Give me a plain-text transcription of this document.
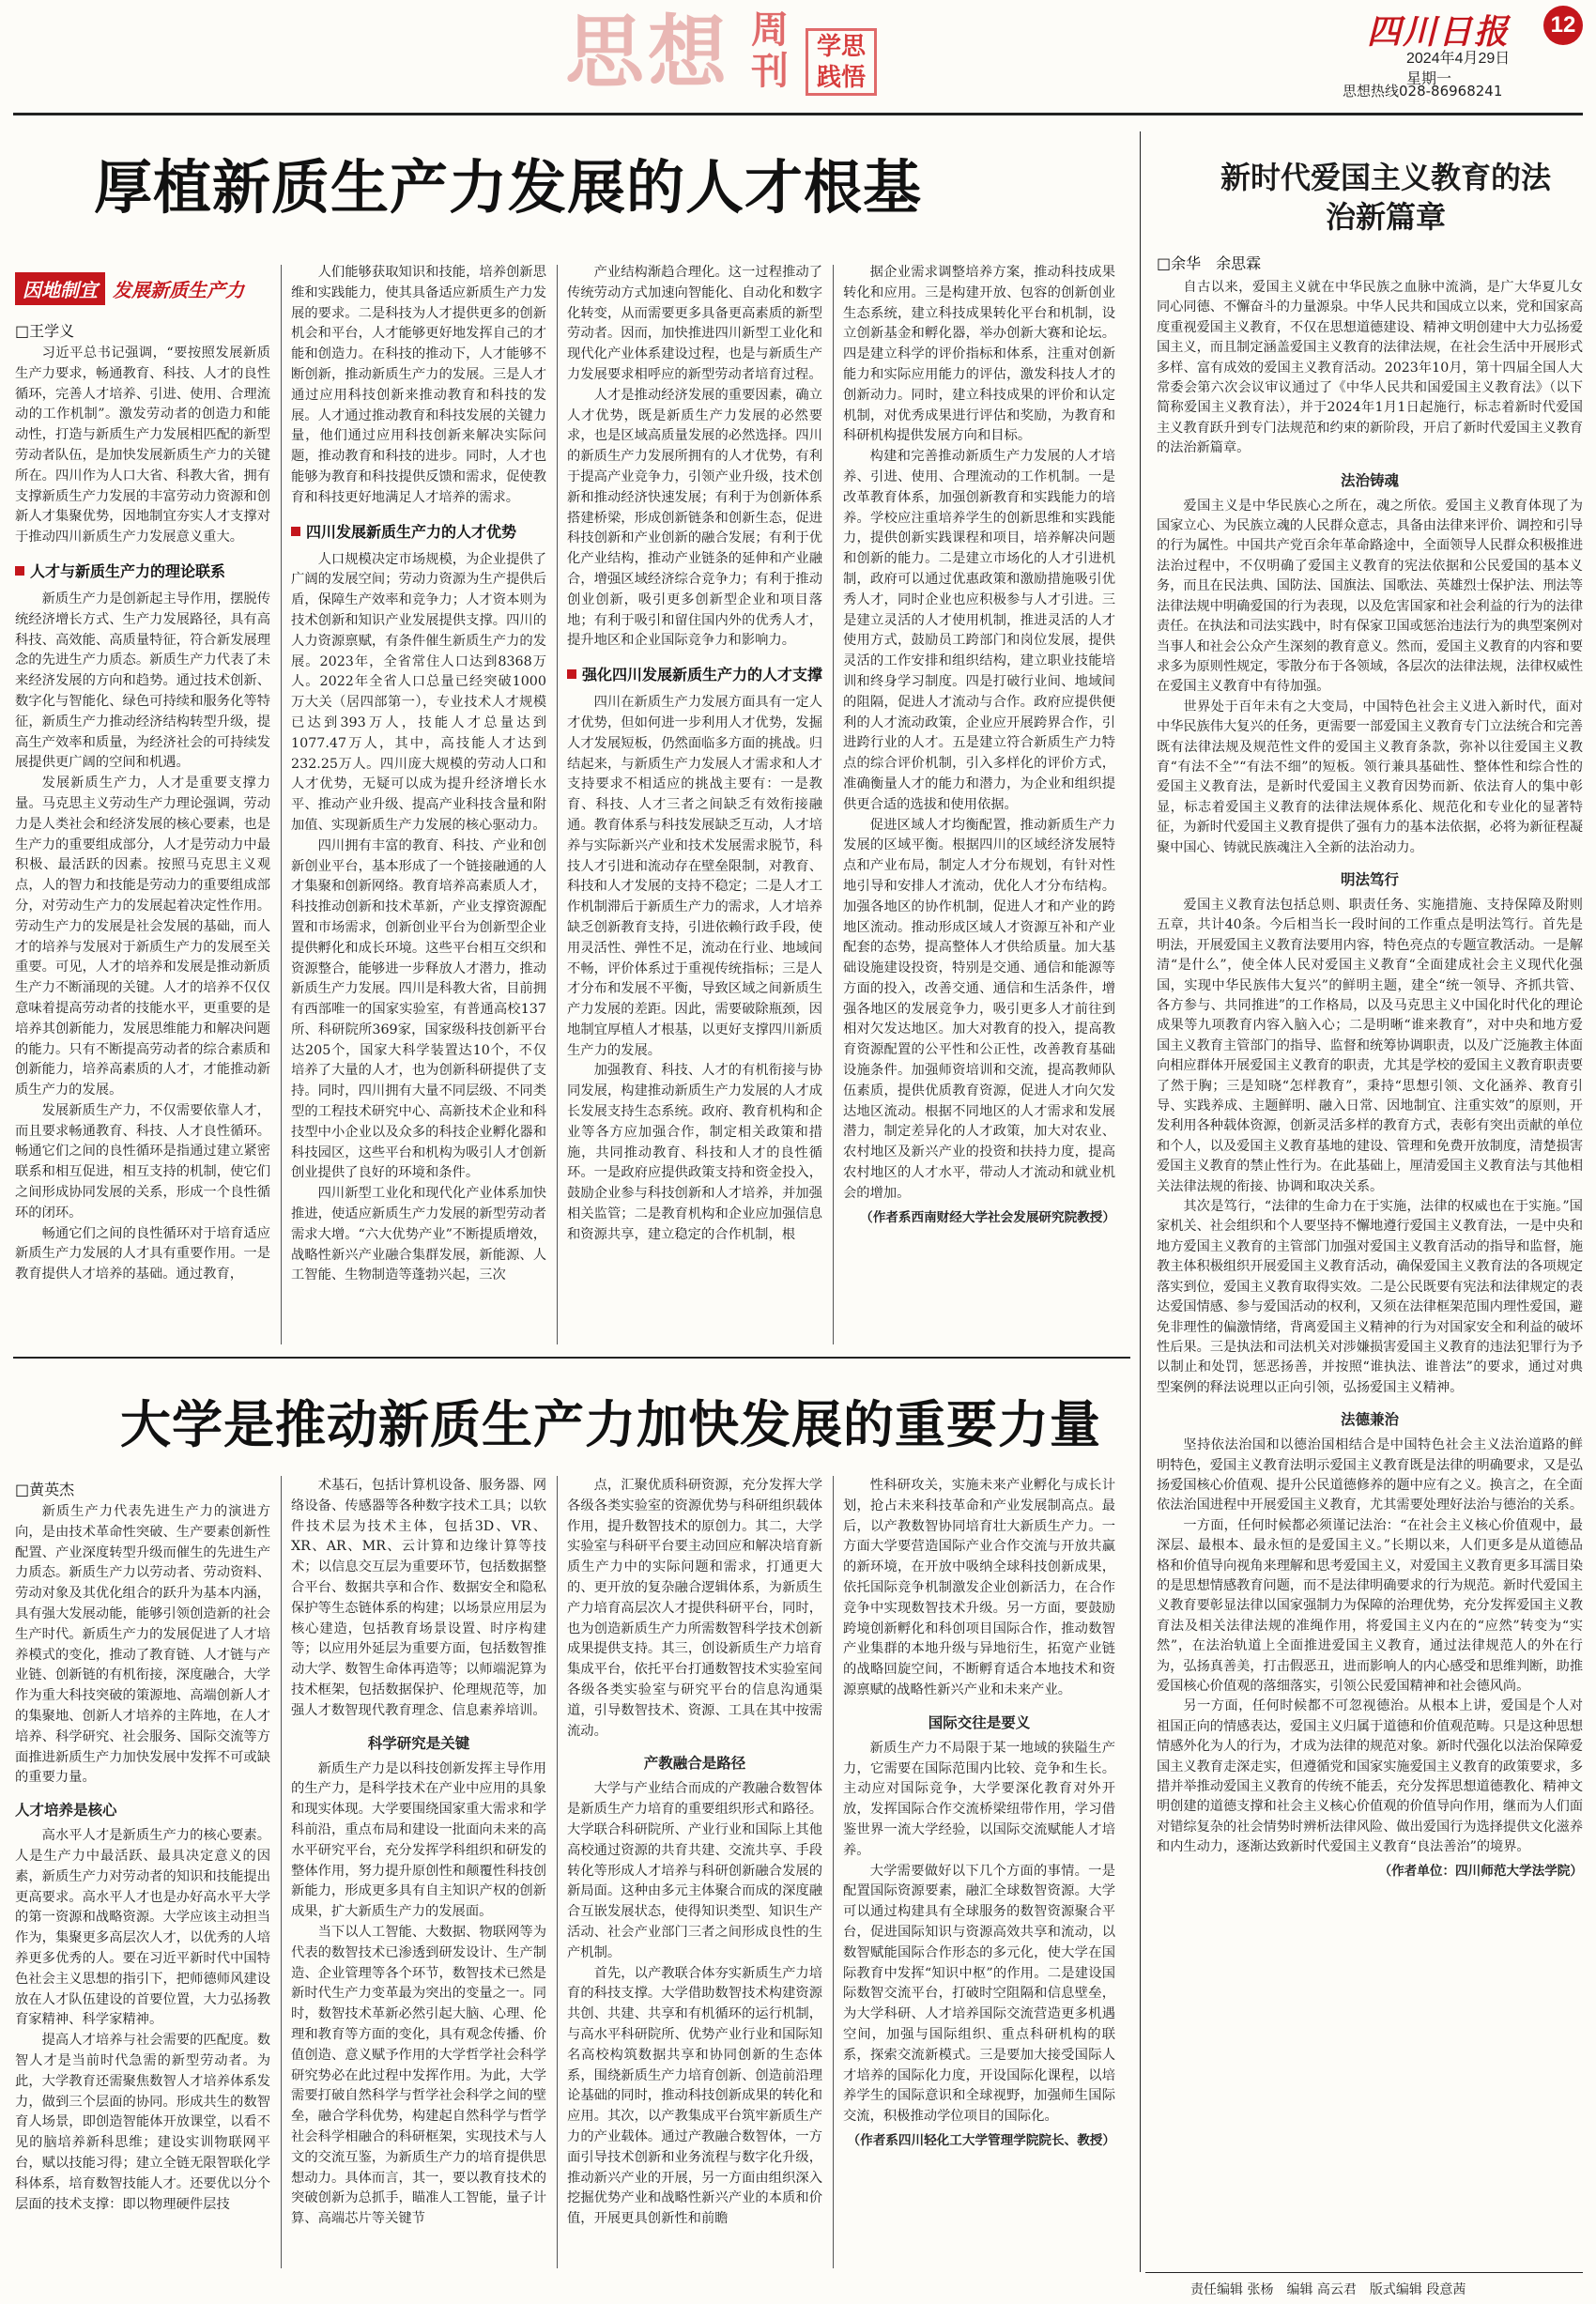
思想 周刊
学思践悟
四川日报	12
2024年4月29日
星期一
思想热线028-86968241
厚植新质生产力发展的人才根基
因地制宜 发展新质生产力
□王学义

习近平总书记强调，“要按照发展新质生产力要求，畅通教育、科技、人才的良性循环，完善人才培养、引进、使用、合理流动的工作机制”。激发劳动者的创造力和能动性，打造与新质生产力发展相匹配的新型劳动者队伍，是加快发展新质生产力的关键所在。四川作为人口大省、科教大省，拥有支撑新质生产力发展的丰富劳动力资源和创新人才集聚优势，因地制宜夯实人才支撑对于推动四川新质生产力发展意义重大。

人才与新质生产力的理论联系

新质生产力是创新起主导作用，摆脱传统经济增长方式、生产力发展路径，具有高科技、高效能、高质量特征，符合新发展理念的先进生产力质态。新质生产力代表了未来经济发展的方向和趋势。通过技术创新、数字化与智能化、绿色可持续和服务化等特征，新质生产力推动经济结构转型升级，提高生产效率和质量，为经济社会的可持续发展提供更广阔的空间和机遇。

发展新质生产力，人才是重要支撑力量。马克思主义劳动生产力理论强调，劳动力是人类社会和经济发展的核心要素，也是生产力的重要组成部分，人才是劳动力中最积极、最活跃的因素。按照马克思主义观点，人的智力和技能是劳动力的重要组成部分，对劳动生产力的发展起着决定性作用。劳动生产力的发展是社会发展的基础，而人才的培养与发展对于新质生产力的发展至关重要。可见，人才的培养和发展是推动新质生产力不断涌现的关键。人才的培养不仅仅意味着提高劳动者的技能水平，更重要的是培养其创新能力，发展思维能力和解决问题的能力。只有不断提高劳动者的综合素质和创新能力，培养高素质的人才，才能推动新质生产力的发展。

发展新质生产力，不仅需要依靠人才，而且要求畅通教育、科技、人才良性循环。畅通它们之间的良性循环是指通过建立紧密联系和相互促进，相互支持的机制，使它们之间形成协同发展的关系，形成一个良性循环的闭环。

畅通它们之间的良性循环对于培育适应新质生产力发展的人才具有重要作用。一是教育提供人才培养的基础。通过教育，

人们能够获取知识和技能，培养创新思维和实践能力，使其具备适应新质生产力发展的要求。二是科技为人才提供更多的创新机会和平台，人才能够更好地发挥自己的才能和创造力。在科技的推动下，人才能够不断创新，推动新质生产力的发展。三是人才通过应用科技创新来推动教育和科技的发展。人才通过推动教育和科技发展的关键力量，他们通过应用科技创新来解决实际问题，推动教育和科技的进步。同时，人才也能够为教育和科技提供反馈和需求，促使教育和科技更好地满足人才培养的需求。

四川发展新质生产力的人才优势

人口规模决定市场规模，为企业提供了广阔的发展空间；劳动力资源为生产提供后盾，保障生产效率和竞争力；人才资本则为技术创新和知识产业发展提供支撑。四川的人力资源禀赋，有条件催生新质生产力的发展。2023年，全省常住人口达到8368万人。2022年全省人口总量已经突破1000万大关（居四部第一），专业技术人才规模已达到393万人，技能人才总量达到1077.47万人，其中，高技能人才达到232.25万人。四川庞大规模的劳动人口和人才优势，无疑可以成为提升经济增长水平、推动产业升级、提高产业科技含量和附加值、实现新质生产力发展的核心驱动力。

四川拥有丰富的教育、科技、产业和创新创业平台，基本形成了一个链接融通的人才集聚和创新网络。教育培养高素质人才，科技推动创新和技术革新，产业支撑资源配置和市场需求，创新创业平台为创新型企业提供孵化和成长环境。这些平台相互交织和资源整合，能够进一步释放人才潜力，推动新质生产力发展。四川是科教大省，目前拥有西部唯一的国家实验室，有普通高校137所、科研院所369家，国家级科技创新平台达205个，国家大科学装置达10个，不仅培养了大量的人才，也为创新科研提供了支持。同时，四川拥有大量不同层级、不同类型的工程技术研究中心、高新技术企业和科技型中小企业以及众多的科技企业孵化器和科技园区，这些平台和机构为吸引人才创新创业提供了良好的环境和条件。

四川新型工业化和现代化产业体系加快推进，使适应新质生产力发展的新型劳动者需求大增。“六大优势产业”不断提质增效，战略性新兴产业融合集群发展，新能源、人工智能、生物制造等蓬勃兴起，三次

产业结构渐趋合理化。这一过程推动了传统劳动方式加速向智能化、自动化和数字化转变，从而需要更多具备更高素质的新型劳动者。因而，加快推进四川新型工业化和现代化产业体系建设过程，也是与新质生产力发展要求相呼应的新型劳动者培育过程。

人才是推动经济发展的重要因素，确立人才优势，既是新质生产力发展的必然要求，也是区域高质量发展的必然选择。四川的新质生产力发展所拥有的人才优势，有利于提高产业竞争力，引领产业升级，技术创新和推动经济快速发展；有利于为创新体系搭建桥梁，形成创新链条和创新生态，促进科技创新和产业创新的融合发展；有利于优化产业结构，推动产业链条的延伸和产业融合，增强区域经济综合竞争力；有利于推动创业创新，吸引更多创新型企业和项目落地；有利于吸引和留住国内外的优秀人才，提升地区和企业国际竞争力和影响力。

强化四川发展新质生产力的人才支撑

四川在新质生产力发展方面具有一定人才优势，但如何进一步利用人才优势，发掘人才发展短板，仍然面临多方面的挑战。归结起来，与新质生产力发展人才需求和人才支持要求不相适应的挑战主要有：一是教育、科技、人才三者之间缺乏有效衔接融通。教育体系与科技发展缺乏互动，人才培养与实际新兴产业和技术发展需求脱节，科技人才引进和流动存在壁垒限制，对教育、科技和人才发展的支持不稳定；二是人才工作机制滞后于新质生产力的需求，人才培养缺乏创新教育支持，引进依赖行政手段，使用灵活性、弹性不足，流动在行业、地域间不畅，评价体系过于重视传统指标；三是人才分布和发展不平衡，导致区域之间新质生产力发展的差距。因此，需要破除瓶颈，因地制宜厚植人才根基，以更好支撑四川新质生产力的发展。

加强教育、科技、人才的有机衔接与协同发展，构建推动新质生产力发展的人才成长发展支持生态系统。政府、教育机构和企业等各方应加强合作，制定相关政策和措施，共同推动教育、科技和人才的良性循环。一是政府应提供政策支持和资金投入，鼓励企业参与科技创新和人才培养，并加强相关监管；二是教育机构和企业应加强信息和资源共享，建立稳定的合作机制，根

据企业需求调整培养方案，推动科技成果转化和应用。三是构建开放、包容的创新创业生态系统，建立科技成果转化平台和机制，设立创新基金和孵化器，举办创新大赛和论坛。四是建立科学的评价指标和体系，注重对创新能力和实际应用能力的评估，激发科技人才的创新动力。同时，建立科技成果的评价和认定机制，对优秀成果进行评估和奖励，为教育和科研机构提供发展方向和目标。

构建和完善推动新质生产力发展的人才培养、引进、使用、合理流动的工作机制。一是改革教育体系，加强创新教育和实践能力的培养。学校应注重培养学生的创新思维和实践能力，提供创新实践课程和项目，培养解决问题和创新的能力。二是建立市场化的人才引进机制，政府可以通过优惠政策和激励措施吸引优秀人才，同时企业也应积极参与人才引进。三是建立灵活的人才使用机制，推进灵活的人才使用方式，鼓励员工跨部门和岗位发展，提供灵活的工作安排和组织结构，建立职业技能培训和终身学习制度。四是打破行业间、地域间的阻隔，促进人才流动与合作。政府应提供便利的人才流动政策，企业应开展跨界合作，引进跨行业的人才。五是建立符合新质生产力特点的综合评价机制，引入多样化的评价方式，准确衡量人才的能力和潜力，为企业和组织提供更合适的选拔和使用依据。

促进区域人才均衡配置，推动新质生产力发展的区域平衡。根据四川的区域经济发展特点和产业布局，制定人才分布规划，有针对性地引导和安排人才流动，优化人才分布结构。加强各地区的协作机制，促进人才和产业的跨地区流动。推动形成区域人才资源互补和产业配套的态势，提高整体人才供给质量。加大基础设施建设投资，特别是交通、通信和能源等方面的投入，改善交通、通信和生活条件，增强各地区的发展竞争力，吸引更多人才前往到相对欠发达地区。加大对教育的投入，提高教育资源配置的公平性和公正性，改善教育基础设施条件。加强师资培训和交流，提高教师队伍素质，提供优质教育资源，促进人才向欠发达地区流动。根据不同地区的人才需求和发展潜力，制定差异化的人才政策，加大对农业、农村地区及新兴产业的投资和扶持力度，提高农村地区的人才水平，带动人才流动和就业机会的增加。

（作者系西南财经大学社会发展研究院教授）

大学是推动新质生产力加快发展的重要力量
□黄英杰

新质生产力代表先进生产力的演进方向，是由技术革命性突破、生产要素创新性配置、产业深度转型升级而催生的先进生产力质态。新质生产力以劳动者、劳动资料、劳动对象及其优化组合的跃升为基本内涵，具有强大发展动能，能够引领创造新的社会生产时代。新质生产力的发展促进了人才培养模式的变化，推动了教育链、人才链与产业链、创新链的有机衔接，深度融合，大学作为重大科技突破的策源地、高端创新人才的集聚地、创新人才培养的主阵地，在人才培养、科学研究、社会服务、国际交流等方面推进新质生产力加快发展中发挥不可或缺的重要力量。

人才培养是核心

高水平人才是新质生产力的核心要素。人是生产力中最活跃、最具决定意义的因素，新质生产力对劳动者的知识和技能提出更高要求。高水平人才也是办好高水平大学的第一资源和战略资源。大学应该主动担当作为，集聚更多高层次人才，以优秀的人培养更多优秀的人。要在习近平新时代中国特色社会主义思想的指引下，把师德师风建设放在人才队伍建设的首要位置，大力弘扬教育家精神、科学家精神。

提高人才培养与社会需要的匹配度。数智人才是当前时代急需的新型劳动者。为此，大学教育还需聚焦数智人才培养体系发力，做到三个层面的协同。形成共生的数智育人场景，即创造智能体开放课堂，以看不见的脑培养新科思维；建设实训物联网平台，赋以技能习得；建立全链无限智联化学科体系，培育数智技能人才。还要优以分个层面的技术支撑：即以物理硬件层技

术基石，包括计算机设备、服务器、网络设备、传感器等各种数字技术工具；以软件技术层为技术主体，包括3D、VR、XR、AR、MR、云计算和边缘计算等技术；以信息交互层为重要环节，包括数据整合平台、数据共享和合作、数据安全和隐私保护等生态链体系的构建；以场景应用层为核心建造，包括教育场景设置、时序构建等；以应用外延层为重要方面，包括数智推动大学、数智生命体再造等；以师端泥算为技术框架，包括数据保护、伦理规范等，加强人才数智现代教育理念、信息素养培训。

科学研究是关键

新质生产力是以科技创新发挥主导作用的生产力，是科学技术在产业中应用的具象和现实体现。大学要围绕国家重大需求和学科前沿，重点布局和建设一批面向未来的高水平研究平台，充分发挥学科组织和研发的整体作用，努力提升原创性和颠覆性科技创新能力，形成更多具有自主知识产权的创新成果，扩大新质生产力的发展面。

当下以人工智能、大数据、物联网等为代表的数智技术已渗透到研发设计、生产制造、企业管理等各个环节，数智技术已然是新时代生产力变革最为突出的变量之一。同时，数智技术革新必然引起大脑、心理、伦理和教育等方面的变化，具有观念传播、价值创造、意义赋予作用的大学哲学社会科学研究势必在此过程中发挥作用。为此，大学需要打破自然科学与哲学社会科学之间的壁垒，融合学科优势，构建起自然科学与哲学社会科学相融合的科研框架，实现技术与人文的交流互鉴，为新质生产力的培育提供思想动力。具体而言，其一，要以教育技术的突破创新为总抓手，瞄准人工智能，量子计算、高端芯片等关键节

点，汇聚优质科研资源，充分发挥大学各级各类实验室的资源优势与科研组织载体作用，提升数智技术的原创力。其二，大学实验室与科研平台要主动回应和解决培育新质生产力中的实际问题和需求，打通更大的、更开放的复杂融合逻辑体系，为新质生产力培育高层次人才提供科研平台，同时，也为创造新质生产力所需数智科学技术创新成果提供支持。其三，创设新质生产力培育集成平台，依托平台打通数智技术实验室间各级各类实验室与研究平台的信息沟通渠道，引导数智技术、资源、工具在其中按需流动。

产教融合是路径

大学与产业结合而成的产教融合数智体是新质生产力培育的重要组织形式和路径。大学联合科研院所、产业行业和国际上其他高校通过资源的共育共建、交流共享、手段转化等形成人才培养与科研创新融合发展的新局面。这种由多元主体聚合而成的深度融合互嵌发展状态，使得知识类型、知识生产活动、社会产业部门三者之间形成良性的生产机制。

首先，以产教联合体夯实新质生产力培育的科技支撑。大学借助数智技术构建资源共创、共建、共享和有机循环的运行机制，与高水平科研院所、优势产业行业和国际知名高校构筑数据共享和协同创新的生态体系，围绕新质生产力培育创新、创造前沿理论基础的同时，推动科技创新成果的转化和应用。其次，以产教集成平台筑牢新质生产力的产业载体。通过产教融合数智体，一方面引导技术创新和业务流程与数字化升级，推动新兴产业的开展，另一方面由组织深入挖掘优势产业和战略性新兴产业的本质和价值，开展更具创新性和前瞻

性科研攻关，实施未来产业孵化与成长计划，抢占未来科技革命和产业发展制高点。最后，以产教数智协同培育壮大新质生产力。一方面大学要营造国际产业合作交流与开放共赢的新环境，在开放中吸纳全球科技创新成果，依托国际竞争机制激发企业创新活力，在合作竞争中实现数智技术升级。另一方面，要鼓励跨境创新孵化和科创项目国际合作，推动数智产业集群的本地升级与异地衍生，拓宽产业链的战略回旋空间，不断孵育适合本地技术和资源禀赋的战略性新兴产业和未来产业。

国际交往是要义

新质生产力不局限于某一地域的狭隘生产力，它需要在国际范围内比较、竞争和生长。主动应对国际竞争，大学要深化教育对外开放，发挥国际合作交流桥梁纽带作用，学习借鉴世界一流大学经验，以国际交流赋能人才培养。

大学需要做好以下几个方面的事情。一是配置国际资源要素，融汇全球数智资源。大学可以通过构建具有全球服务的数智资源聚合平台，促进国际知识与资源高效共享和流动，以数智赋能国际合作形态的多元化，使大学在国际教育中发挥“知识中枢”的作用。二是建设国际数智交流平台，打破时空阻隔和信息壁垒，为大学科研、人才培养国际交流营造更多机遇空间，加强与国际组织、重点科研机构的联系，探索交流新模式。三是要加大接受国际人才培养的国际化力度，开设国际化课程，以培养学生的国际意识和全球视野，加强师生国际交流，积极推动学位项目的国际化。

（作者系四川轻化工大学管理学院院长、教授）

新时代爱国主义教育的法治新篇章
□余华　余思霖

自古以来，爱国主义就在中华民族之血脉中流淌，是广大华夏儿女同心同德、不懈奋斗的力量源泉。中华人民共和国成立以来，党和国家高度重视爱国主义教育，不仅在思想道德建设、精神文明创建中大力弘扬爱国主义，而且制定涵盖爱国主义教育的法律法规，在社会生活中开展形式多样、富有成效的爱国主义教育活动。2023年10月，第十四届全国人大常委会第六次会议审议通过了《中华人民共和国爱国主义教育法》（以下简称爱国主义教育法），并于2024年1月1日起施行，标志着新时代爱国主义教育跃升到专门法规范和约束的新阶段，开启了新时代爱国主义教育的法治新篇章。

法治铸魂

爱国主义是中华民族心之所在，魂之所依。爱国主义教育体现了为国家立心、为民族立魂的人民群众意志，具备由法律来评价、调控和引导的行为属性。中国共产党百余年革命路途中，全面领导人民群众积极推进法治过程中，不仅明确了爱国主义教育的宪法依据和公民爱国的基本义务，而且在民法典、国防法、国旗法、国歌法、英雄烈士保护法、刑法等法律法规中明确爱国的行为表现，以及危害国家和社会利益的行为的法律责任。在执法和司法实践中，时有保家卫国或惩治违法行为的典型案例对当事人和社会公众产生深刻的教育意义。然而，爱国主义教育的内容和要求多为原则性规定，零散分布于各领域，各层次的法律法规，法律权威性在爱国主义教育中有待加强。

世界处于百年未有之大变局，中国特色社会主义进入新时代，面对中华民族伟大复兴的任务，更需要一部爱国主义教育专门立法统合和完善既有法律法规及规范性文件的爱国主义教育条款，弥补以往爱国主义教育“有法不全”“有法不细”的短板。领行兼具基础性、整体性和综合性的爱国主义教育法，是新时代爱国主义教育因势而新、依法育人的集中彰显，标志着爱国主义教育的法律法规体系化、规范化和专业化的显著特征，为新时代爱国主义教育提供了强有力的基本法依据，必将为新征程凝聚中国心、铸就民族魂注入全新的法治动力。

明法笃行

爱国主义教育法包括总则、职责任务、实施措施、支持保障及附则五章，共计40条。今后相当长一段时间的工作重点是明法笃行。首先是明法，开展爱国主义教育法要用内容，特色亮点的专题宣教活动。一是解清“是什么”，使全体人民对爱国主义教育“全面建成社会主义现代化强国，实现中华民族伟大复兴”的鲜明主题，建全“统一领导、齐抓共管、各方参与、共同推进”的工作格局，以及马克思主义中国化时代化的理论成果等九项教育内容入脑入心；二是明晰“谁来教育”，对中央和地方爱国主义教育主管部门的指导、监督和统筹协调职责，以及广泛施教主体面向相应群体开展爱国主义教育的职责，尤其是学校的爱国主义教育职责要了然于胸；三是知晓“怎样教育”，秉持“思想引领、文化涵养、教育引导、实践养成、主题鲜明、融入日常、因地制宜、注重实效”的原则，开发利用各种载体资源，创新灵活多样的教育方式，表彰有突出贡献的单位和个人，以及爱国主义教育基地的建设、管理和免费开放制度，清楚损害爱国主义教育的禁止性行为。在此基础上，厘清爱国主义教育法与其他相关法律法规的衔接、协调和取决关系。

其次是笃行，“法律的生命力在于实施，法律的权威也在于实施。”国家机关、社会组织和个人要坚持不懈地遵行爱国主义教育法，一是中央和地方爱国主义教育的主管部门加强对爱国主义教育活动的指导和监督，施教主体积极组织开展爱国主义教育活动，确保爱国主义教育法的各项规定落实到位，爱国主义教育取得实效。二是公民既要有宪法和法律规定的表达爱国情感、参与爱国活动的权利，又须在法律框架范围内理性爱国，避免非理性的偏激情绪，背离爱国主义精神的行为对国家安全和利益的破坏性后果。三是执法和司法机关对涉嫌损害爱国主义教育的违法犯罪行为予以制止和处罚，惩恶扬善，并按照“谁执法、谁普法”的要求，通过对典型案例的释法说理以正向引领，弘扬爱国主义精神。

法德兼治

坚持依法治国和以德治国相结合是中国特色社会主义法治道路的鲜明特色，爱国主义教育法明示爱国主义教育既是法律的明确要求，又是弘扬爱国核心价值观、提升公民道德修养的题中应有之义。换言之，在全面依法治国进程中开展爱国主义教育，尤其需要处理好法治与德治的关系。

一方面，任何时候都必须谨记法治：“在社会主义核心价值观中，最深层、最根本、最永恒的是爱国主义。”长期以来，人们更多是从道德品格和价值导向视角来理解和思考爱国主义，对爱国主义教育更多耳濡目染的是思想情感教育问题，而不是法律明确要求的行为规范。新时代爱国主义教育要彰显法律以国家强制力为保障的治理优势，充分发挥爱国主义教育法及相关法律法规的准绳作用，将爱国主义内在的“应然”转变为“实然”，在法治轨道上全面推进爱国主义教育，通过法律规范人的外在行为，弘扬真善美，打击假恶丑，进而影响人的内心感受和思维判断，助推爱国核心价值观的落细落实，引领公民爱国精神和社会德风尚。

另一方面，任何时候都不可忽视德治。从根本上讲，爱国是个人对祖国正向的情感表达，爱国主义归属于道德和价值观范畴。只是这种思想情感外化为人的行为，才成为法律的规范对象。新时代强化以法治保障爱国主义教育走深走实，但遵循党和国家实施爱国主义教育的政策要求，多措并举推动爱国主义教育的传统不能丢，充分发挥思想道德教化、精神文明创建的道德支撑和社会主义核心价值观的价值导向作用，继而为人们面对错综复杂的社会情势时辨析法律风险、做出爱国行为选择提供文化滋养和内生动力，逐渐达致新时代爱国主义教育“良法善治”的境界。

（作者单位：四川师范大学法学院）

责任编辑 张杨　编辑 高云君　版式编辑 段意茜
